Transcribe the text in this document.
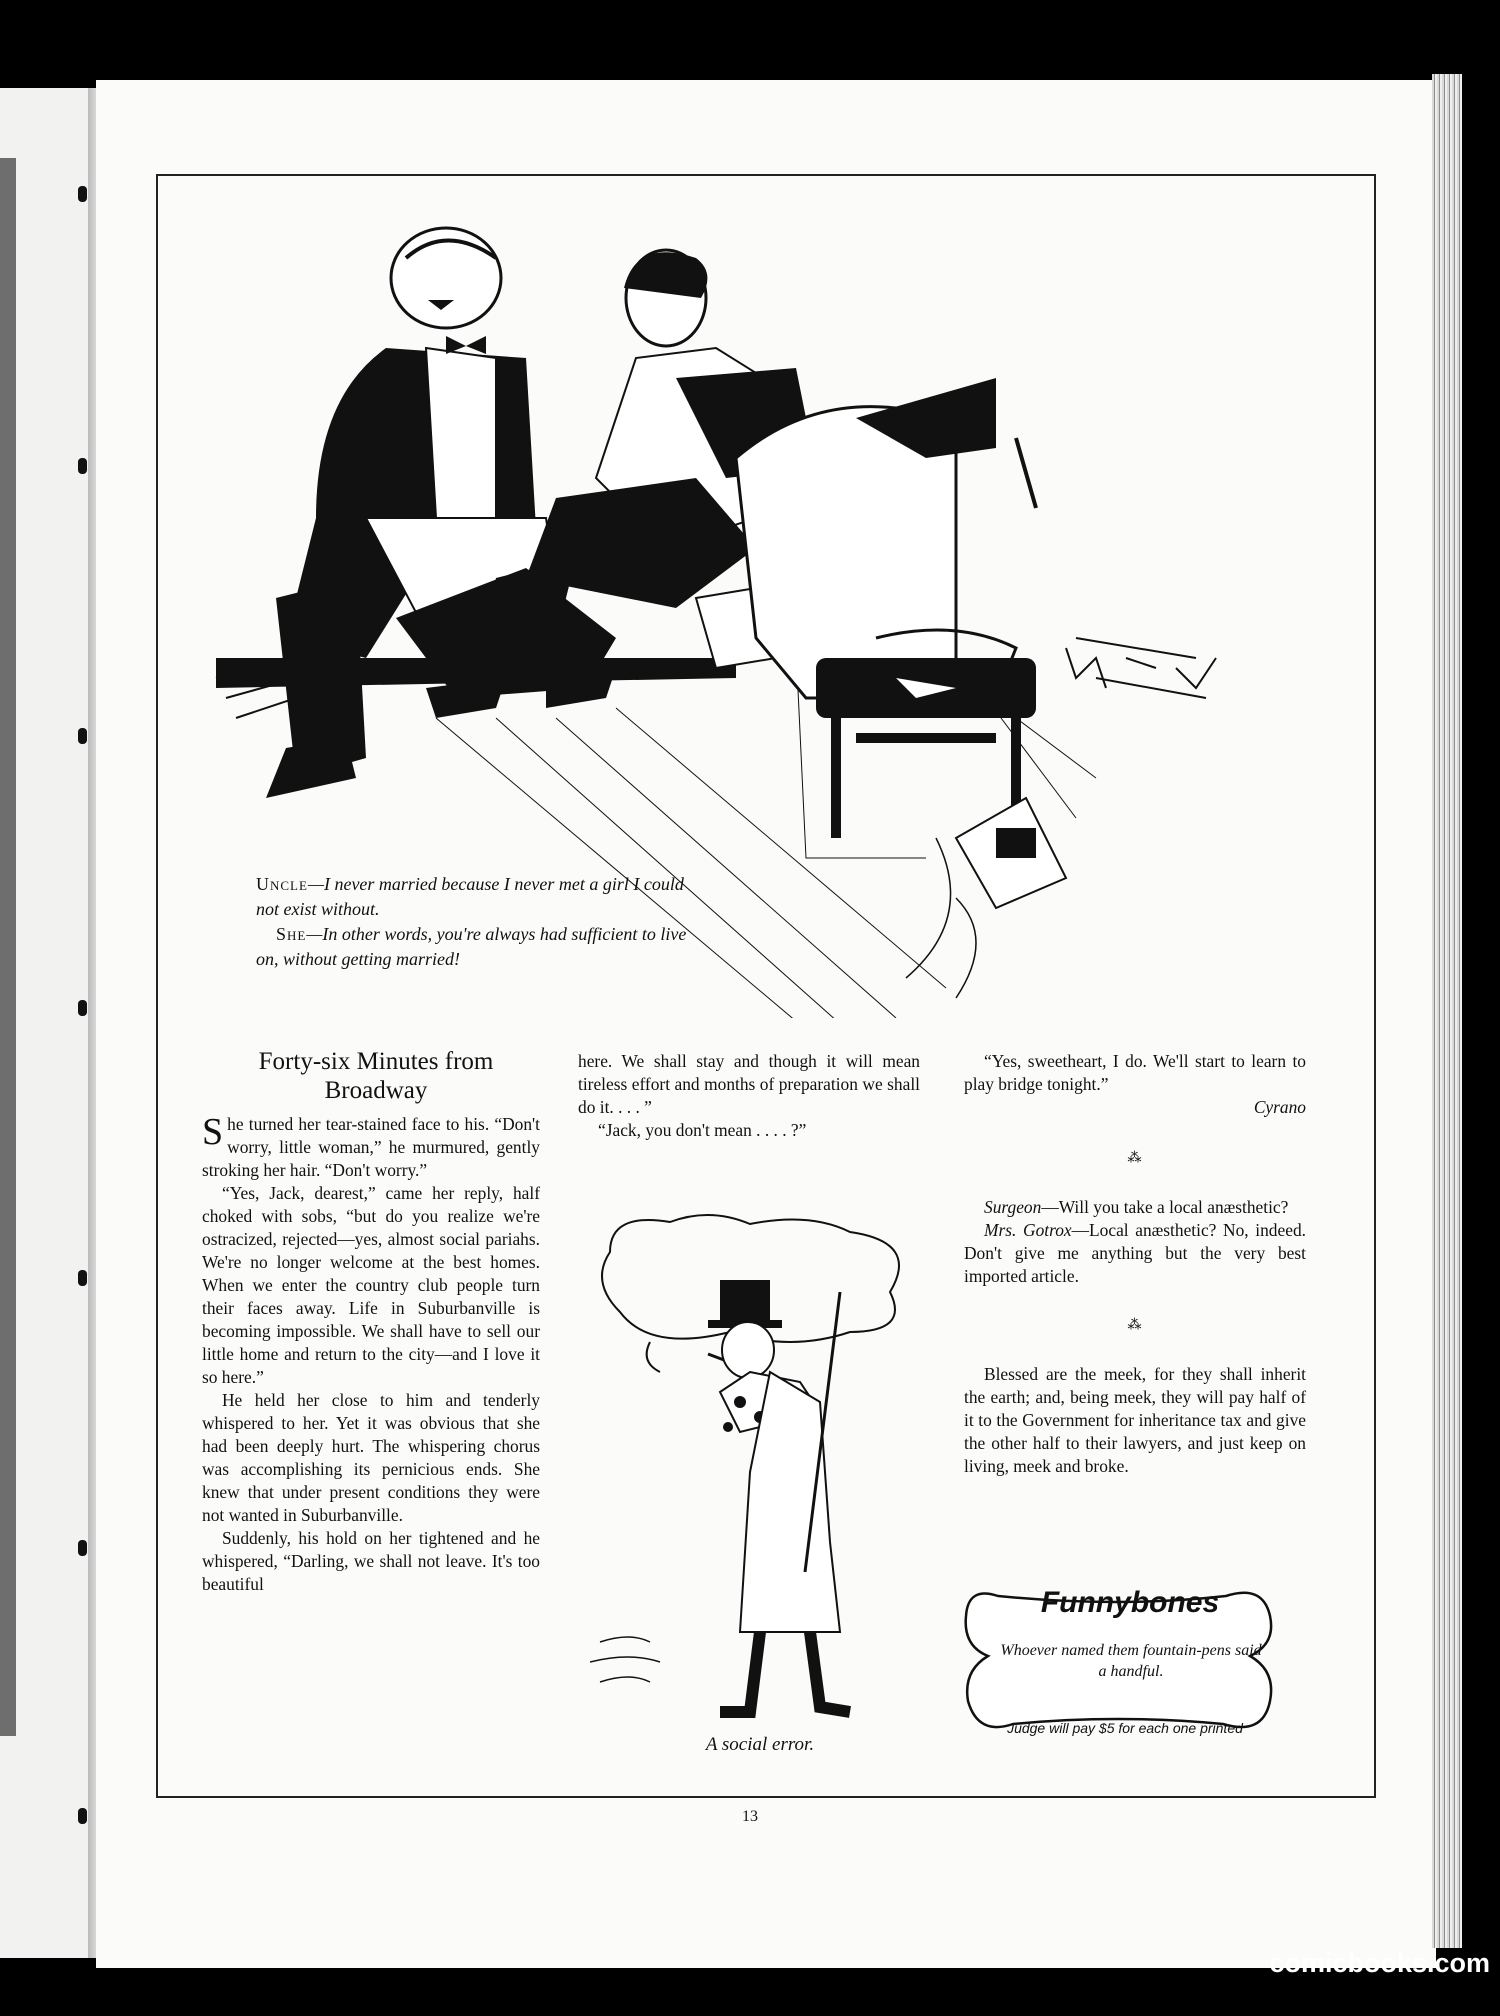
Uncle—I never married because I never met a girl I could not exist without.
She—In other words, you're always had sufficient to live on, without getting married!
Forty-six Minutes from Broadway

She turned her tear-stained face to his. “Don't worry, little woman,” he murmured, gently stroking her hair. “Don't worry.”

“Yes, Jack, dearest,” came her reply, half choked with sobs, “but do you realize we're ostracized, rejected—yes, almost social pariahs. We're no longer welcome at the best homes. When we enter the country club people turn their faces away. Life in Suburbanville is becoming impossible. We shall have to sell our little home and return to the city—and I love it so here.”

He held her close to him and tenderly whispered to her. Yet it was obvious that she had been deeply hurt. The whispering chorus was accomplishing its pernicious ends. She knew that under present conditions they were not wanted in Suburbanville.

Suddenly, his hold on her tightened and he whispered, “Darling, we shall not leave. It's too beautiful

here. We shall stay and though it will mean tireless effort and months of preparation we shall do it. . . . ”

“Jack, you don't mean . . . . ?”

A social error.

“Yes, sweetheart, I do. We'll start to learn to play bridge tonight.”

Cyrano
⁂

Surgeon—Will you take a local anæsthetic?

Mrs. Gotrox—Local anæsthetic? No, indeed. Don't give me anything but the very best imported article.

⁂

Blessed are the meek, for they shall inherit the earth; and, being meek, they will pay half of it to the Government for inheritance tax and give the other half to their lawyers, and just keep on living, meek and broke.

Funnybones
Whoever named them fountain-pens said a handful.
Judge will pay $5 for each one printed
13
comicbooks.com
